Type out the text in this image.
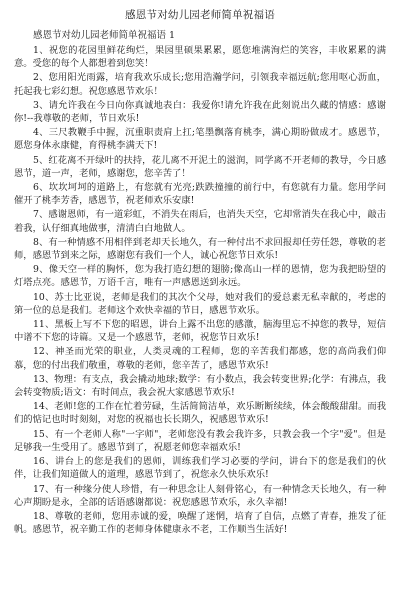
感恩节对幼儿园老师简单祝福语
感恩节对幼儿园老师简单祝福语 1

1、祝您的花园里鲜花绚烂，果园里硕果累累，愿您堆满洵烂的笑容，丰收累累的满意。受您的每个人都想着到您笑！

2、您用阳光雨露，培育我欢乐成长;您用浩瀚学问，引领我幸福远航;您用呕心沥血，托起我七彩幻想。祝您感恩节欢乐！

3、请允许我在今日向你真诚地表白：我爱你!请允许我在此刻说出久藏的情感：感谢你!--我尊敬的老师，节日欢乐!

4、三尺教鞭手中握，沉重职责肩上扛;笔墨飘落育桃李，满心期盼做成才。感恩节，愿您身体永康健，育得桃李满天下!

5、红花离不开绿叶的扶持，花儿离不开泥土的滋润，同学离不开老师的教导，今日感恩节，道一声，老师，感谢您，您辛苦了！

6、坎坎坷坷的道路上，有您就有光亮;跌跌撞撞的前行中，有您就有力量。您用学问催开了桃李芳香，感恩节，祝老师欢乐安康!

7、感谢恩师，有一道彩虹，不消失在雨后，也消失天空，它却常消失在我心中，敲击着我，认仔细真地做事，清清白白地做人。

8、有一种情感不用相伴到老却天长地久，有一种付出不求回报却任劳任怨，尊敬的老师，感恩节到来之际，感谢您有我们一个人，诚心祝您节日欢乐!

9、像天空一样的胸怀，您为我打造幻想的翅膀;像高山一样的恩情，您为我把盼望的灯塔点亮。感恩节，万语千言，唯有一声感恩送到永远。

10、苏士比亚说，老师是我们的其次个父母，她对我们的爱总素无私幸献的，考虑的第一位的总是我们。老师这个欢快幸福的节日，感恩节欢乐。

11、黑板上写不下您的昭恩，讲台上露不出您的感激，脑海里忘不掉您的教导，短信中谱不下您的诗篇。又是一个感恩节，老师，祝您节日欢乐!

12、神圣而光荣的职业，人类灵魂的工程师，您的辛苦我们都感，您的高尚我们仰慕，您的付出我们敬重，尊敬的老师，您辛苦了，感恩节欢乐!

13、物理：有支点，我会撬动地球;数学：有小数点，我会转变世界;化学：有沸点，我会转变物质;语文：有时间点，我会祝大家感恩节欢乐!

14、老师!您的工作在忙着劳碌，生活简简洁单，欢乐断断续续，体会酸酸甜甜。而我们的惦记也时时刻刻，对您的祝福也长长期久，祝感恩节欢乐!

15、有一个老师人称"一字师"，老师您没有教会我许多，只教会我一个字"爱"。但是足够我一生受用了。感恩节到了，祝愿老师您幸福欢乐!

16、讲台上的您是我们的恩师，训练我们学习必要的学问，讲台下的您是我们的伙伴，让我们知道做人的道理，感恩节到了，祝您永久快乐欢乐!

17、有一种缘分使人珍惜，有一种思念让人刻骨铭心，有一种情念天长地久，有一种心声期盼是永，全部的话语感谢都说：祝您感恩节欢乐，永久幸福!

18、尊敬的老师，您用赤诚的爱，唤醒了迷惘，培育了自信，点燃了青春，推发了征帆。感恩节，祝辛勤工作的老师身体健康永不老，工作顺当生活好!
